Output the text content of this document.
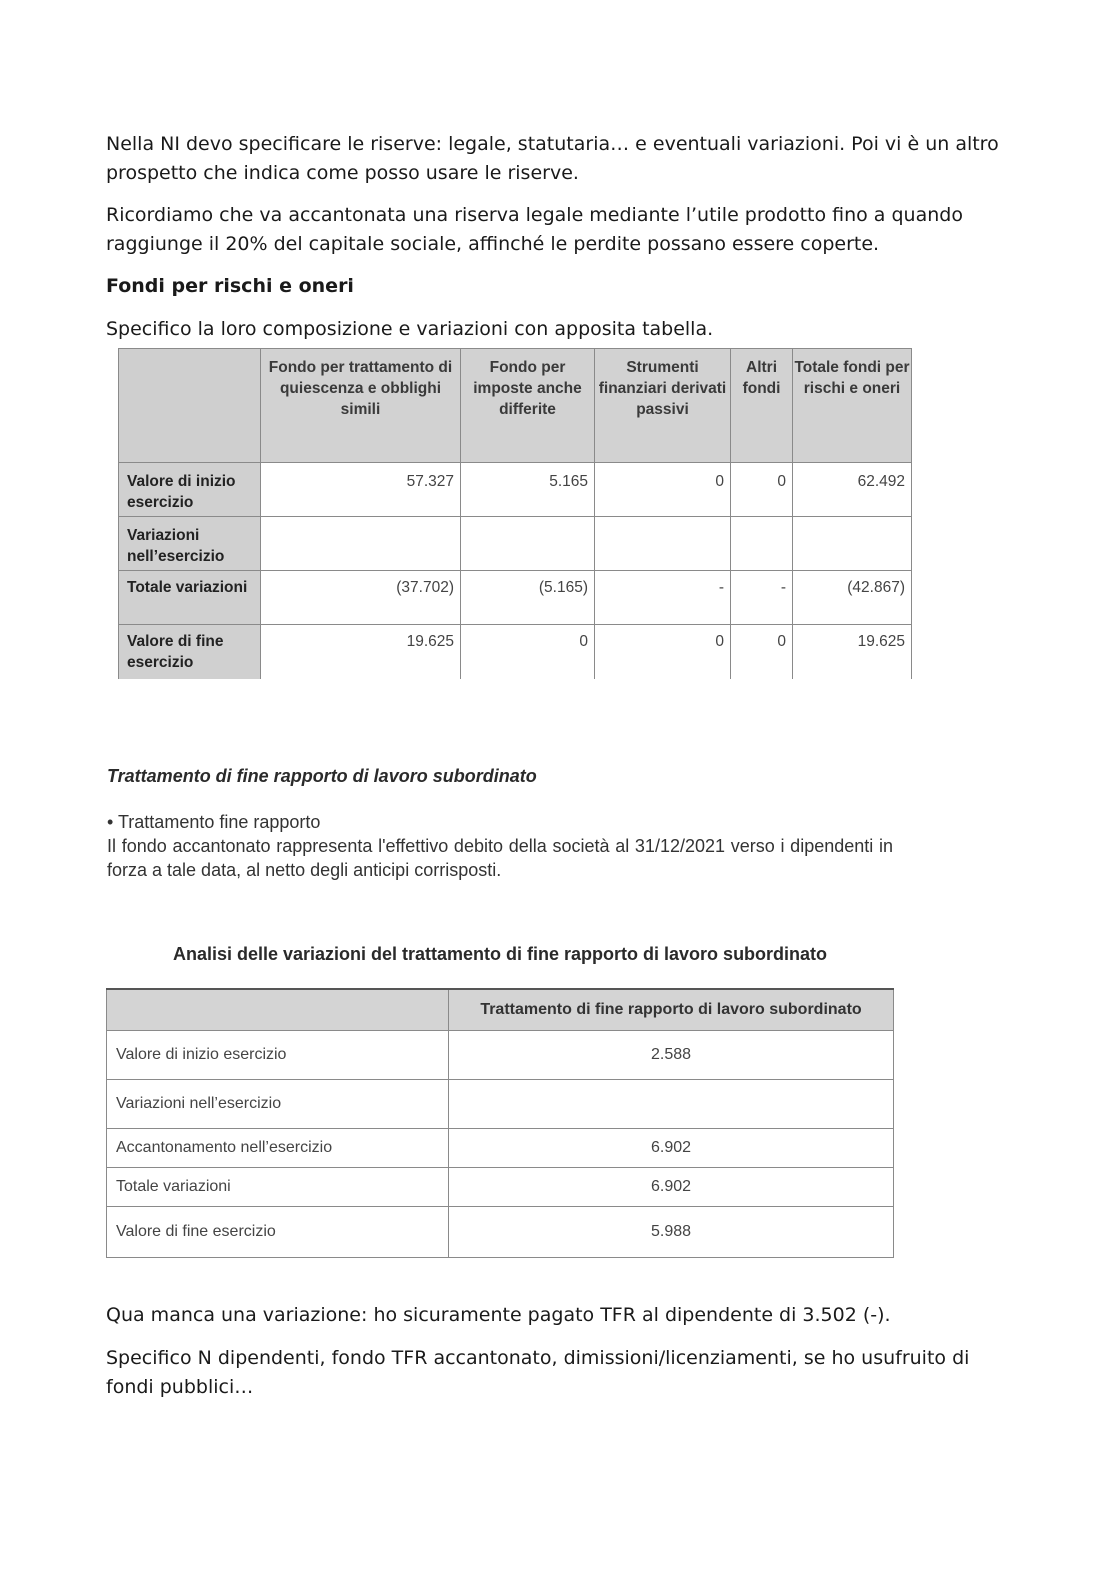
Nella NI devo specificare le riserve: legale, statutaria… e eventuali variazioni. Poi vi è un altro prospetto che indica come posso usare le riserve.

Ricordiamo che va accantonata una riserva legale mediante l’utile prodotto fino a quando raggiunge il 20% del capitale sociale, affinché le perdite possano essere coperte.

Fondi per rischi e oneri

Specifico la loro composizione e variazioni con apposita tabella.

	Fondo per trattamento di quiescenza e obblighi simili	Fondo per imposte anche differite	Strumenti finanziari derivati passivi	Altri fondi	Totale fondi per rischi e oneri
Valore di inizio esercizio	57.327	5.165	0	0	62.492
Variazioni nell’esercizio					
Totale variazioni	(37.702)	(5.165)	-	-	(42.867)
Valore di fine esercizio	19.625	0	0	0	19.625

Trattamento di fine rapporto di lavoro subordinato

• Trattamento fine rapporto

Il fondo accantonato rappresenta l'effettivo debito della società al 31/12/2021 verso i dipendenti in forza a tale data, al netto degli anticipi corrisposti.

Analisi delle variazioni del trattamento di fine rapporto di lavoro subordinato

	Trattamento di fine rapporto di lavoro subordinato
Valore di inizio esercizio	2.588
Variazioni nell’esercizio	
Accantonamento nell’esercizio	6.902
Totale variazioni	6.902
Valore di fine esercizio	5.988

Qua manca una variazione: ho sicuramente pagato TFR al dipendente di 3.502 (-).

Specifico N dipendenti, fondo TFR accantonato, dimissioni/licenziamenti, se ho usufruito di fondi pubblici…
